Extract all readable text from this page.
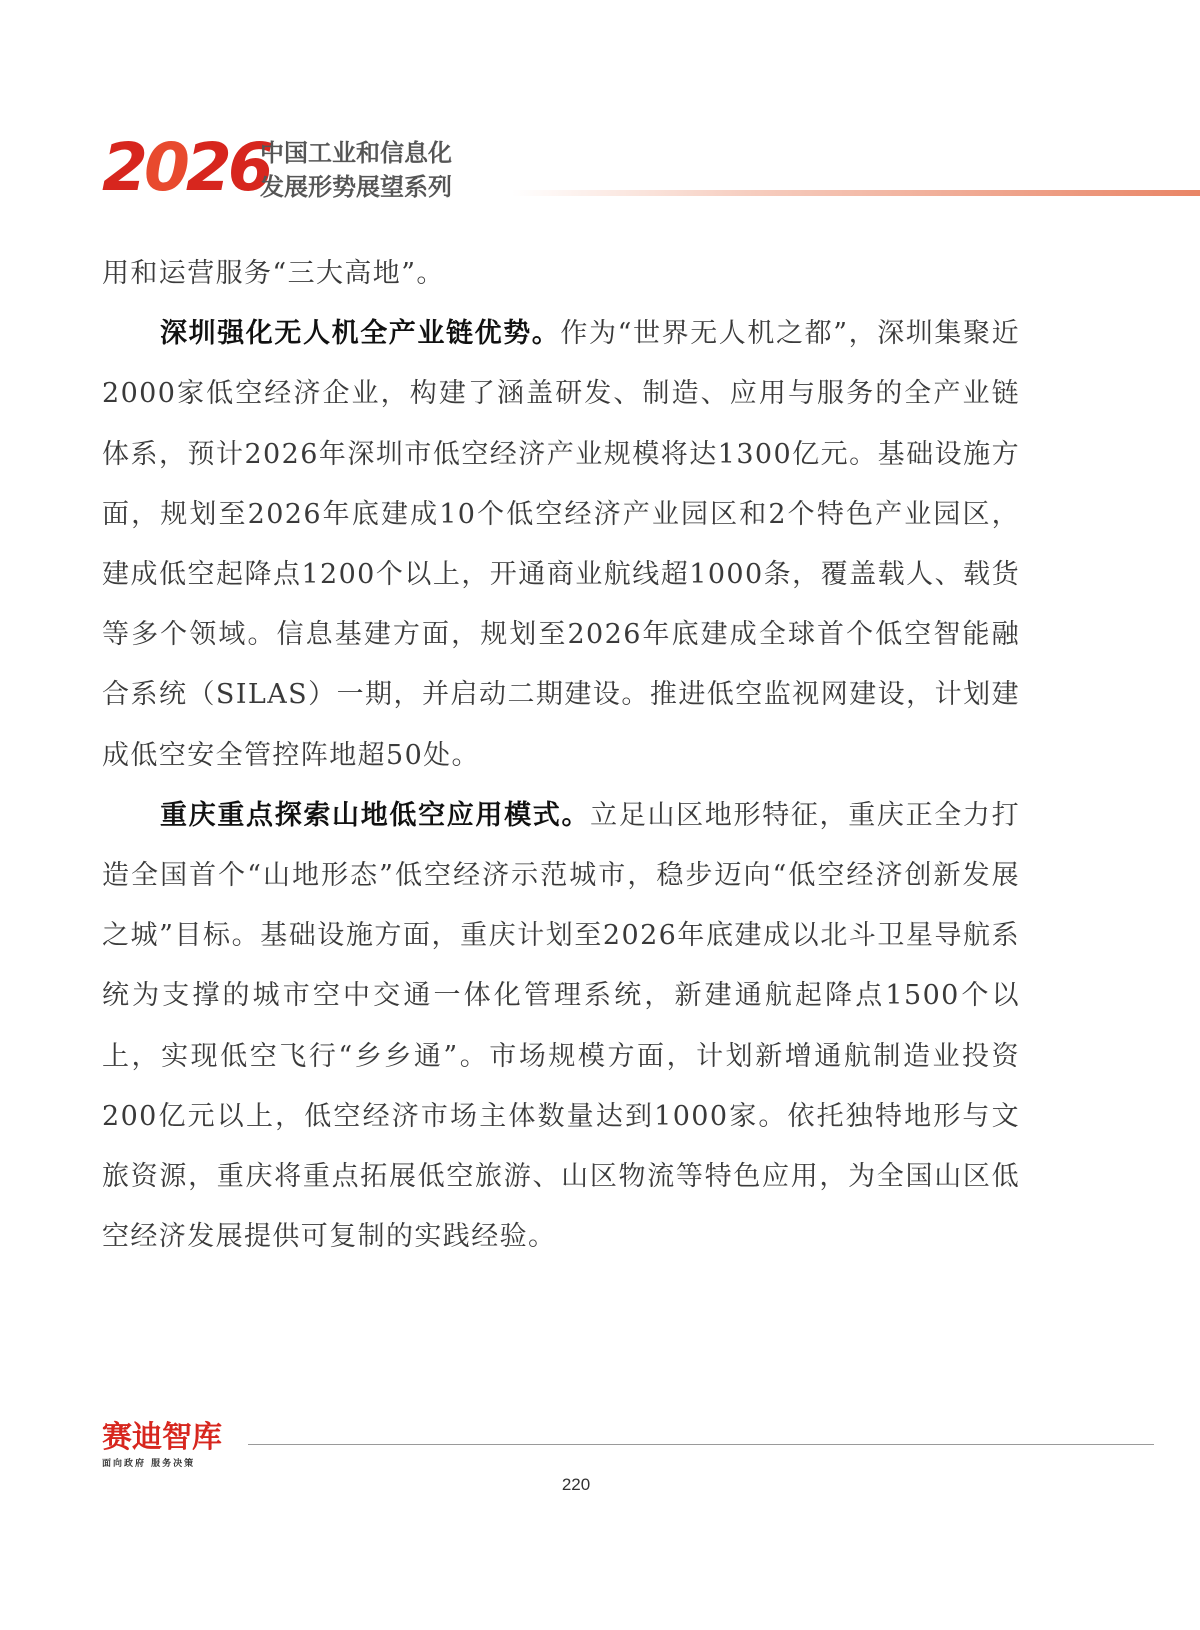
2026
中国工业和信息化
发展形势展望系列

用和运营服务“三大高地”。

深圳强化无人机全产业链优势。作为“世界无人机之都”，深圳集聚近2000家低空经济企业，构建了涵盖研发、制造、应用与服务的全产业链体系，预计2026年深圳市低空经济产业规模将达1300亿元。基础设施方面，规划至2026年底建成10个低空经济产业园区和2个特色产业园区，建成低空起降点1200个以上，开通商业航线超1000条，覆盖载人、载货等多个领域。信息基建方面，规划至2026年底建成全球首个低空智能融合系统（SILAS）一期，并启动二期建设。推进低空监视网建设，计划建成低空安全管控阵地超50处。

重庆重点探索山地低空应用模式。立足山区地形特征，重庆正全力打造全国首个“山地形态”低空经济示范城市，稳步迈向“低空经济创新发展之城”目标。基础设施方面，重庆计划至2026年底建成以北斗卫星导航系统为支撑的城市空中交通一体化管理系统，新建通航起降点1500个以上，实现低空飞行“乡乡通”。市场规模方面，计划新增通航制造业投资200亿元以上，低空经济市场主体数量达到1000家。依托独特地形与文旅资源，重庆将重点拓展低空旅游、山区物流等特色应用，为全国山区低空经济发展提供可复制的实践经验。

赛迪智库
面向政府 服务决策
220
